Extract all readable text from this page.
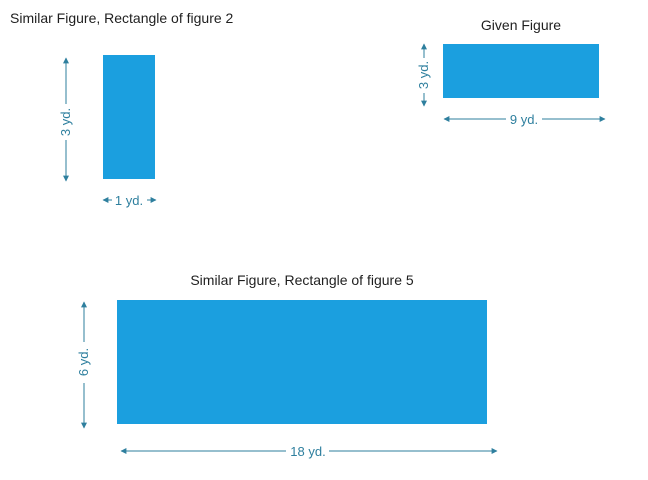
Similar Figure, Rectangle of figure 2
3 yd.
1 yd.
Given Figure
3 yd.
9 yd.
Similar Figure, Rectangle of figure 5
6 yd.
18 yd.
